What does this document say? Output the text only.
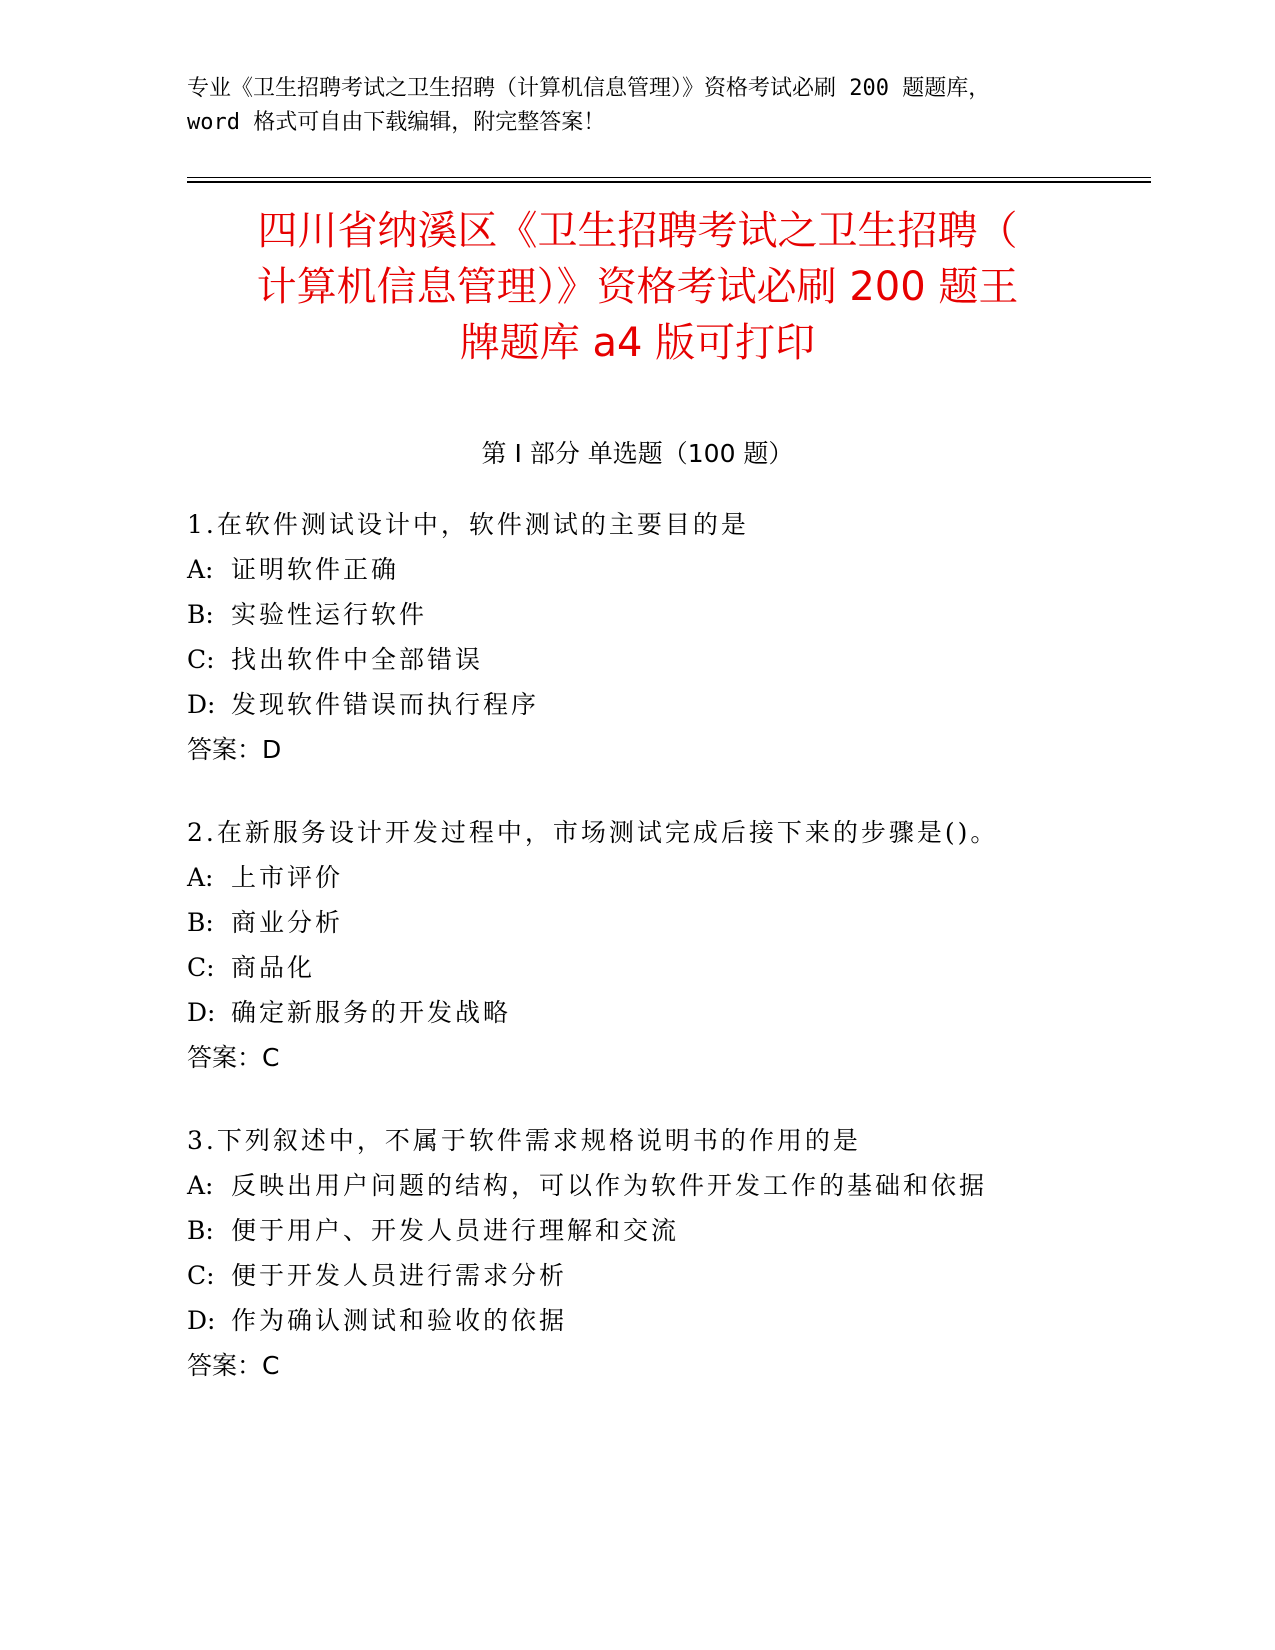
专业《卫生招聘考试之卫生招聘（计算机信息管理）》资格考试必刷 200 题题库，
word 格式可自由下载编辑，附完整答案！
四川省纳溪区《卫生招聘考试之卫生招聘（
计算机信息管理）》资格考试必刷 200 题王
牌题库 a4 版可打印
第 I 部分 单选题（100 题）
1.在软件测试设计中，软件测试的主要目的是
A: 证明软件正确
B: 实验性运行软件
C: 找出软件中全部错误
D: 发现软件错误而执行程序
答案：D
2.在新服务设计开发过程中，市场测试完成后接下来的步骤是()。
A: 上市评价
B: 商业分析
C: 商品化
D: 确定新服务的开发战略
答案：C
3.下列叙述中，不属于软件需求规格说明书的作用的是
A: 反映出用户问题的结构，可以作为软件开发工作的基础和依据
B: 便于用户、开发人员进行理解和交流
C: 便于开发人员进行需求分析
D: 作为确认测试和验收的依据
答案：C
